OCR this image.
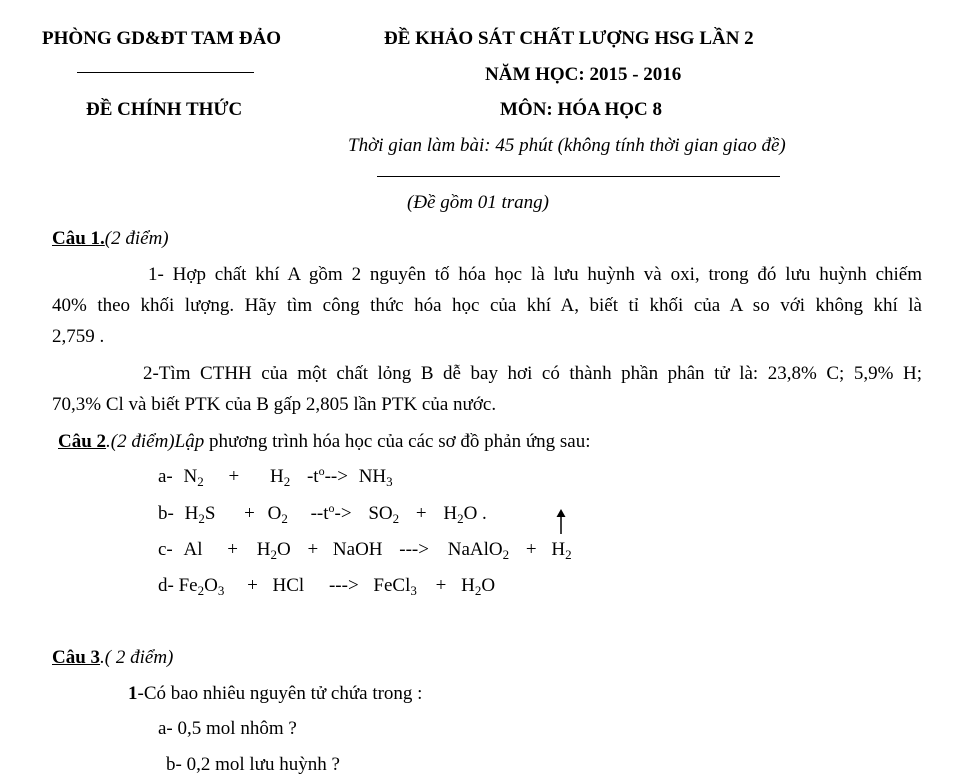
PHÒNG GD&ĐT TAM ĐẢO
ĐỀ CHÍNH THỨC
ĐỀ KHẢO SÁT CHẤT LƯỢNG HSG LẦN 2
NĂM HỌC: 2015 - 2016
MÔN: HÓA HỌC 8
Thời gian làm bài: 45 phút (không tính thời gian giao đề)
(Đề gồm 01 trang)
Câu 1.(2 điểm)
1- Hợp chất khí A gồm 2 nguyên tố hóa học là lưu huỳnh và oxi, trong đó lưu huỳnh chiếm
40% theo khối lượng. Hãy tìm công thức hóa học của khí A, biết tỉ khối của A so với không khí là
2,759 .
2-Tìm CTHH của một chất lỏng B dễ bay hơi có thành phần phân tử là: 23,8% C; 5,9% H;
70,3% Cl và biết PTK của B gấp 2,805 lần PTK của nước.
Câu 2.(2 điểm)Lập phương trình hóa học của các sơ đồ phản ứng sau:
a- $N_2 + H_2$ $-t^o--> NH_3$
b- $H_2S + O_2$ $--t^o-> SO_2 + H_2O$ .
c- $Al + H_2O$ + NaOH ---> NaAlO$_2$ + $H_2$
d- $Fe_2O_3$ + HCl ---> FeCl$_3$ + $H_2O$
Câu 3.( 2 điểm)
1-Có bao nhiêu nguyên tử chứa trong :
a- 0,5 mol nhôm ?
b- 0,2 mol lưu huỳnh ?
